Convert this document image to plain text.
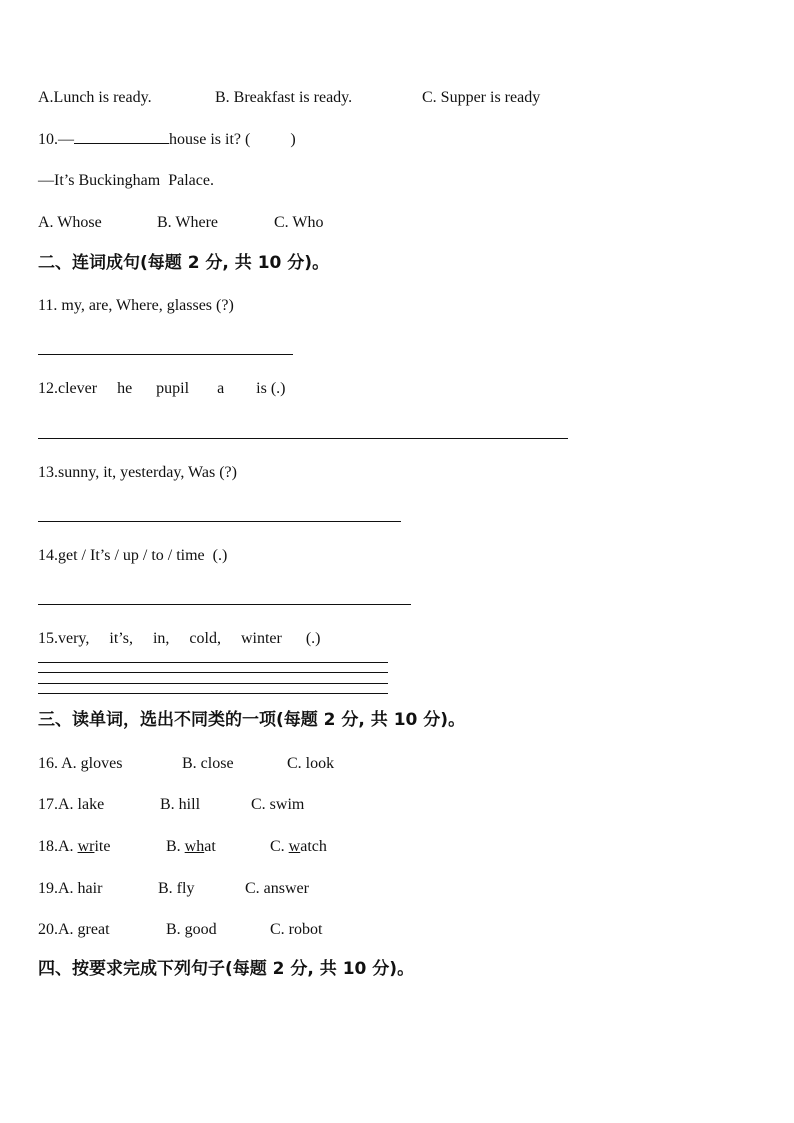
A.Lunch is ready.	B. Breakfast is ready.	C. Supper is ready
10.—	house is it? (	)
—It’s Buckingham  Palace.
A. Whose	B. Where	C. Who
二、连词成句(每题 2 分, 共 10 分)。
11. my, are, Where, glasses (?)
12.clever     he      pupil       a        is (.)
13.sunny, it, yesterday, Was (?)
14.get / It’s / up / to / time  (.)
15.very,     it’s,     in,     cold,     winter      (.)
三、读单词，选出不同类的一项(每题 2 分, 共 10 分)。
16. A. gloves	B. close	C. look
17.A. lake	B. hill	C. swim
18.A. write	B. what	C. watch
19.A. hair	B. fly	C. answer
20.A. great	B. good	C. robot
四、按要求完成下列句子(每题 2 分, 共 10 分)。
